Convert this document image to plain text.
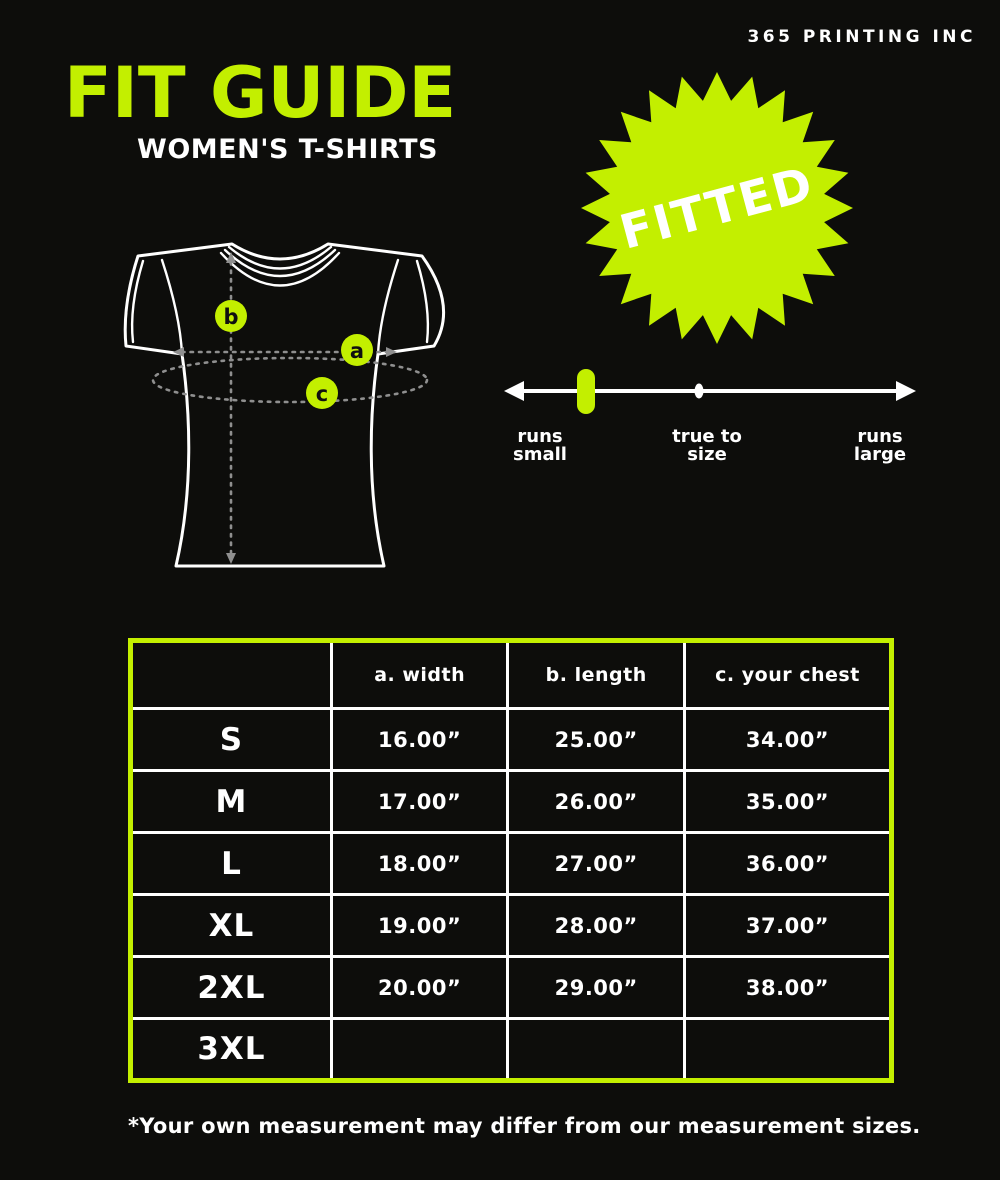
365 PRINTING INC
FIT GUIDE
WOMEN'S T-SHIRTS
b
a
c
FITTED
runs
small
true to
size
runs
large
	a. width	b. length	c. your chest
S	16.00”	25.00”	34.00”
M	17.00”	26.00”	35.00”
L	18.00”	27.00”	36.00”
XL	19.00”	28.00”	37.00”
2XL	20.00”	29.00”	38.00”
3XL			
*Your own measurement may differ from our measurement sizes.
